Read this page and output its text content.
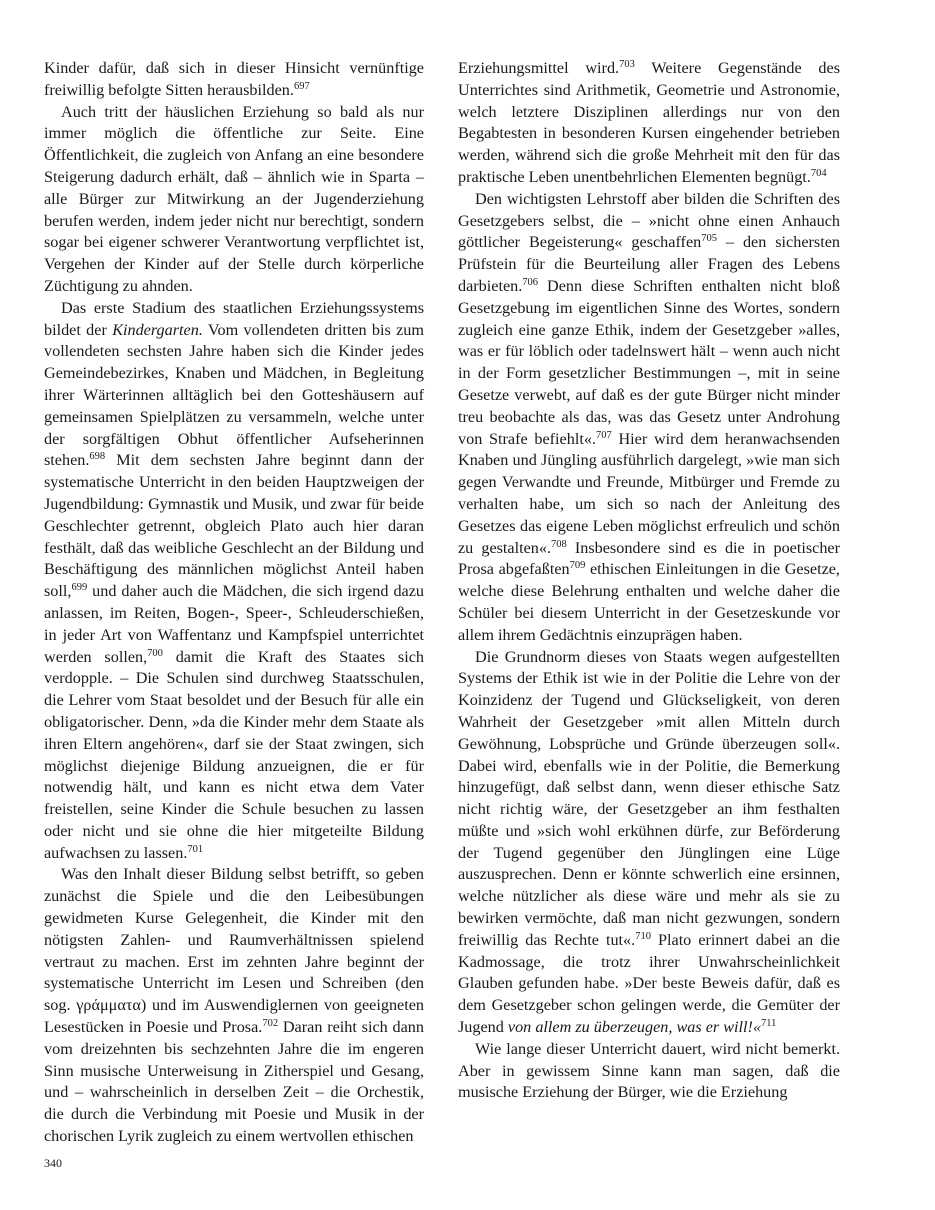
Kinder dafür, daß sich in dieser Hinsicht vernünftige freiwillig befolgte Sitten herausbilden.$^{697}$

Auch tritt der häuslichen Erziehung so bald als nur immer möglich die öffentliche zur Seite. Eine Öffentlichkeit, die zugleich von Anfang an eine besondere Steigerung dadurch erhält, daß – ähnlich wie in Sparta – alle Bürger zur Mitwirkung an der Jugenderziehung berufen werden, indem jeder nicht nur berechtigt, sondern sogar bei eigener schwerer Verantwortung verpflichtet ist, Vergehen der Kinder auf der Stelle durch körperliche Züchtigung zu ahnden.

Das erste Stadium des staatlichen Erziehungssystems bildet der Kindergarten. Vom vollendeten dritten bis zum vollendeten sechsten Jahre haben sich die Kinder jedes Gemeindebezirkes, Knaben und Mädchen, in Begleitung ihrer Wärterinnen alltäglich bei den Gotteshäusern auf gemeinsamen Spielplätzen zu versammeln, welche unter der sorgfältigen Obhut öffentlicher Aufseherinnen stehen.$^{698}$ Mit dem sechsten Jahre beginnt dann der systematische Unterricht in den beiden Hauptzweigen der Jugendbildung: Gymnastik und Musik, und zwar für beide Geschlechter getrennt, obgleich Plato auch hier daran festhält, daß das weibliche Geschlecht an der Bildung und Beschäftigung des männlichen möglichst Anteil haben soll,$^{699}$ und daher auch die Mädchen, die sich irgend dazu anlassen, im Reiten, Bogen-, Speer-, Schleuderschießen, in jeder Art von Waffentanz und Kampfspiel unterrichtet werden sollen,$^{700}$ damit die Kraft des Staates sich verdopple. – Die Schulen sind durchweg Staatsschulen, die Lehrer vom Staat besoldet und der Besuch für alle ein obligatorischer. Denn, »da die Kinder mehr dem Staate als ihren Eltern angehören«, darf sie der Staat zwingen, sich möglichst diejenige Bildung anzueignen, die er für notwendig hält, und kann es nicht etwa dem Vater freistellen, seine Kinder die Schule besuchen zu lassen oder nicht und sie ohne die hier mitgeteilte Bildung aufwachsen zu lassen.$^{701}$

Was den Inhalt dieser Bildung selbst betrifft, so geben zunächst die Spiele und die den Leibesübungen gewidmeten Kurse Gelegenheit, die Kinder mit den nötigsten Zahlen- und Raumverhältnissen spielend vertraut zu machen. Erst im zehnten Jahre beginnt der systematische Unterricht im Lesen und Schreiben (den sog. γράμματα) und im Auswendiglernen von geeigneten Lesestücken in Poesie und Prosa.$^{702}$ Daran reiht sich dann vom dreizehnten bis sechzehnten Jahre die im engeren Sinn musische Unterweisung in Zitherspiel und Gesang, und – wahrscheinlich in derselben Zeit – die Orchestik, die durch die Verbindung mit Poesie und Musik in der chorischen Lyrik zugleich zu einem wertvollen ethischen

Erziehungsmittel wird.$^{703}$ Weitere Gegenstände des Unterrichtes sind Arithmetik, Geometrie und Astronomie, welch letztere Disziplinen allerdings nur von den Begabtesten in besonderen Kursen eingehender betrieben werden, während sich die große Mehrheit mit den für das praktische Leben unentbehrlichen Elementen begnügt.$^{704}$

Den wichtigsten Lehrstoff aber bilden die Schriften des Gesetzgebers selbst, die – »nicht ohne einen Anhauch göttlicher Begeisterung« geschaffen$^{705}$ – den sichersten Prüfstein für die Beurteilung aller Fragen des Lebens darbieten.$^{706}$ Denn diese Schriften enthalten nicht bloß Gesetzgebung im eigentlichen Sinne des Wortes, sondern zugleich eine ganze Ethik, indem der Gesetzgeber »alles, was er für löblich oder tadelnswert hält – wenn auch nicht in der Form gesetzlicher Bestimmungen –, mit in seine Gesetze verwebt, auf daß es der gute Bürger nicht minder treu beobachte als das, was das Gesetz unter Androhung von Strafe befiehlt«.$^{707}$ Hier wird dem heranwachsenden Knaben und Jüngling ausführlich dargelegt, »wie man sich gegen Verwandte und Freunde, Mitbürger und Fremde zu verhalten habe, um sich so nach der Anleitung des Gesetzes das eigene Leben möglichst erfreulich und schön zu gestalten«.$^{708}$ Insbesondere sind es die in poetischer Prosa abgefaßten$^{709}$ ethischen Einleitungen in die Gesetze, welche diese Belehrung enthalten und welche daher die Schüler bei diesem Unterricht in der Gesetzeskunde vor allem ihrem Gedächtnis einzuprägen haben.

Die Grundnorm dieses von Staats wegen aufgestellten Systems der Ethik ist wie in der Politie die Lehre von der Koinzidenz der Tugend und Glückseligkeit, von deren Wahrheit der Gesetzgeber »mit allen Mitteln durch Gewöhnung, Lobsprüche und Gründe überzeugen soll«. Dabei wird, ebenfalls wie in der Politie, die Bemerkung hinzugefügt, daß selbst dann, wenn dieser ethische Satz nicht richtig wäre, der Gesetzgeber an ihm festhalten müßte und »sich wohl erkühnen dürfe, zur Beförderung der Tugend gegenüber den Jünglingen eine Lüge auszusprechen. Denn er könnte schwerlich eine ersinnen, welche nützlicher als diese wäre und mehr als sie zu bewirken vermöchte, daß man nicht gezwungen, sondern freiwillig das Rechte tut«.$^{710}$ Plato erinnert dabei an die Kadmossage, die trotz ihrer Unwahrscheinlichkeit Glauben gefunden habe. »Der beste Beweis dafür, daß es dem Gesetzgeber schon gelingen werde, die Gemüter der Jugend von allem zu überzeugen, was er will!«$^{711}$

Wie lange dieser Unterricht dauert, wird nicht bemerkt. Aber in gewissem Sinne kann man sagen, daß die musische Erziehung der Bürger, wie die Erziehung

340
